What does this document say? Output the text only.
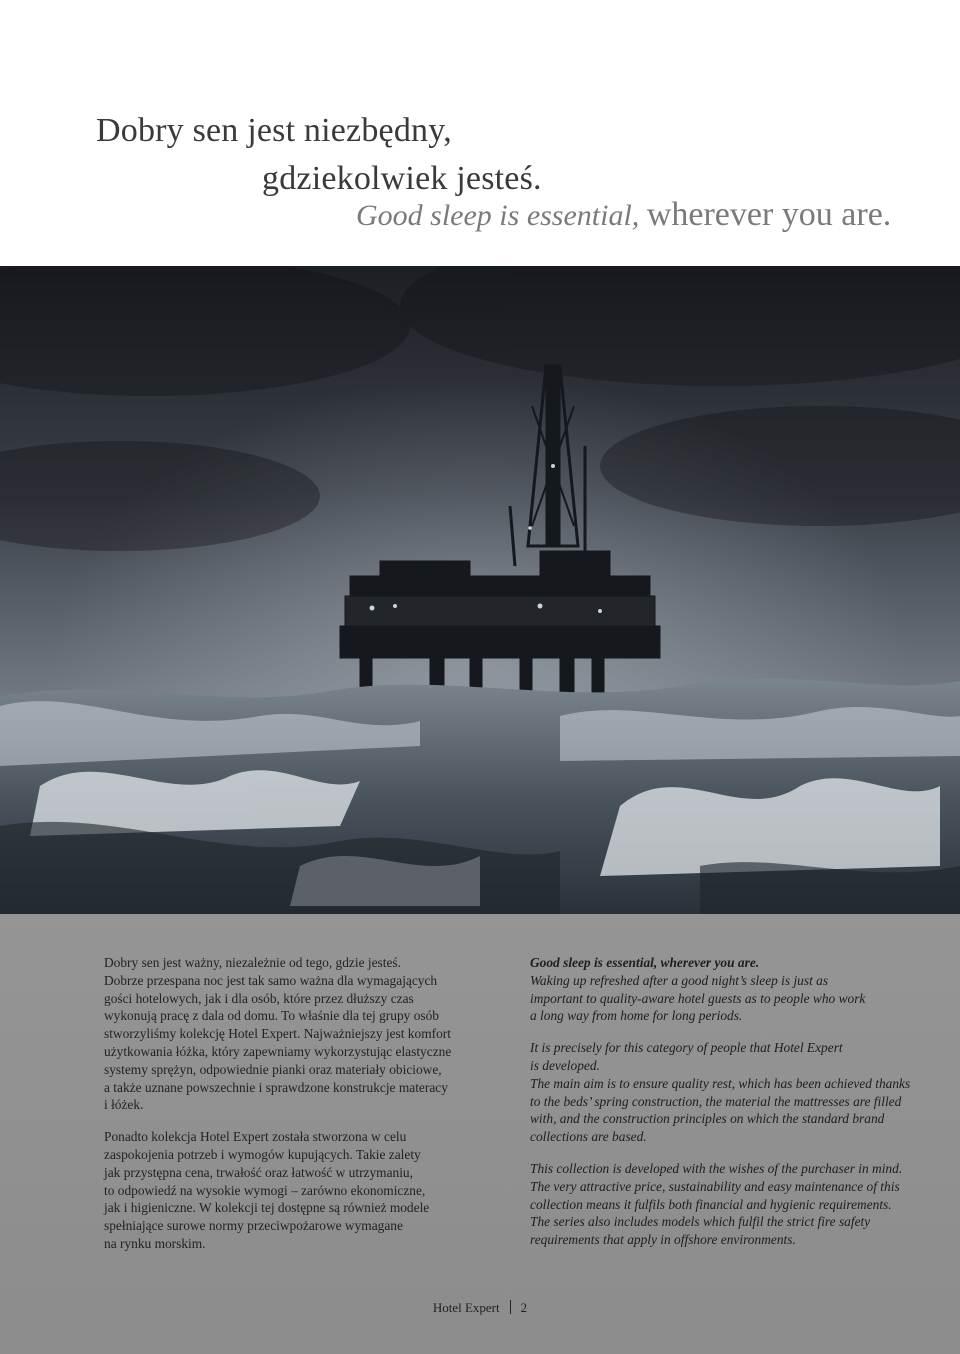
Dobry sen jest niezbędny,
gdziekolwiek jesteś.
Good sleep is essential, wherever you are.

Dobry sen jest ważny, niezależnie od tego, gdzie jesteś.
Dobrze przespana noc jest tak samo ważna dla wymagających
gości hotelowych, jak i dla osób, które przez dłuższy czas
wykonują pracę z dala od domu. To właśnie dla tej grupy osób
stworzyliśmy kolekcję Hotel Expert. Najważniejszy jest komfort
użytkowania łóżka, który zapewniamy wykorzystując elastyczne
systemy sprężyn, odpowiednie pianki oraz materiały obiciowe,
a także uznane powszechnie i sprawdzone konstrukcje materacy
i łóżek.

Ponadto kolekcja Hotel Expert została stworzona w celu
zaspokojenia potrzeb i wymogów kupujących. Takie zalety
jak przystępna cena, trwałość oraz łatwość w utrzymaniu,
to odpowiedź na wysokie wymogi – zarówno ekonomiczne,
jak i higieniczne. W kolekcji tej dostępne są również modele
spełniające surowe normy przeciwpożarowe wymagane
na rynku morskim.

Good sleep is essential, wherever you are.
Waking up refreshed after a good night’s sleep is just as
important to quality-aware hotel guests as to people who work
a long way from home for long periods.

It is precisely for this category of people that Hotel Expert
is developed.
The main aim is to ensure quality rest, which has been achieved thanks
to the beds’ spring construction, the material the mattresses are filled
with, and the construction principles on which the standard brand
collections are based.

This collection is developed with the wishes of the purchaser in mind.
The very attractive price, sustainability and easy maintenance of this
collection means it fulfils both financial and hygienic requirements.
The series also includes models which fulfil the strict fire safety
requirements that apply in offshore environments.

Hotel Expert 2
